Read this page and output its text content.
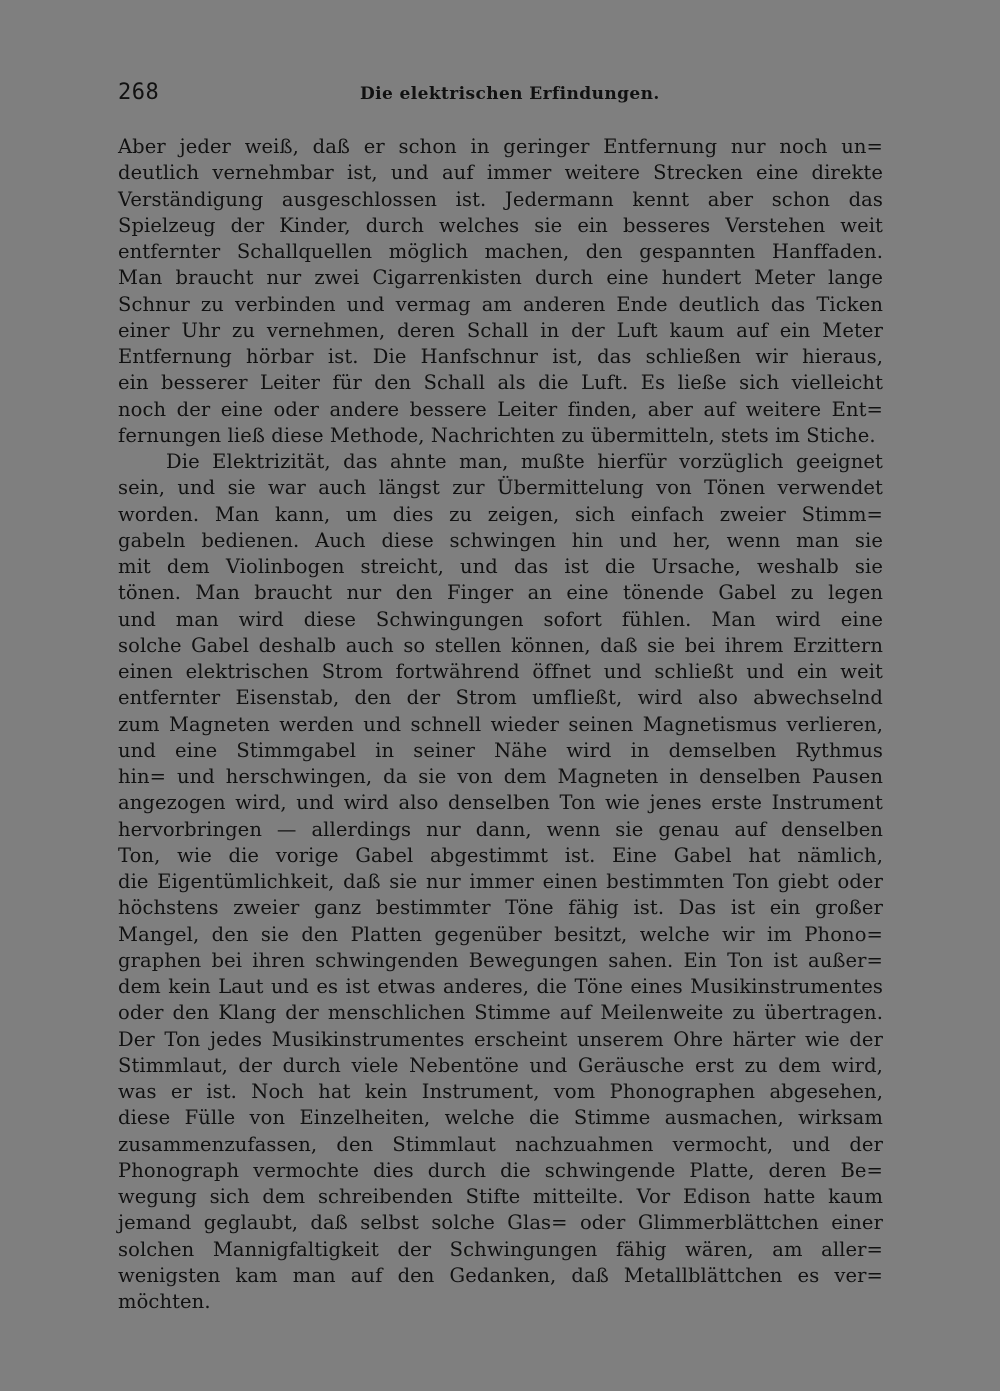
268	Die elektrischen Erfindungen.
Aber jeder weiß, daß er schon in geringer Entfernung nur noch un=
deutlich vernehmbar ist, und auf immer weitere Strecken eine direkte
Verständigung ausgeschlossen ist. Jedermann kennt aber schon das
Spielzeug der Kinder, durch welches sie ein besseres Verstehen weit
entfernter Schallquellen möglich machen, den gespannten Hanffaden.
Man braucht nur zwei Cigarrenkisten durch eine hundert Meter lange
Schnur zu verbinden und vermag am anderen Ende deutlich das Ticken
einer Uhr zu vernehmen, deren Schall in der Luft kaum auf ein Meter
Entfernung hörbar ist. Die Hanfschnur ist, das schließen wir hieraus,
ein besserer Leiter für den Schall als die Luft. Es ließe sich vielleicht
noch der eine oder andere bessere Leiter finden, aber auf weitere Ent=
fernungen ließ diese Methode, Nachrichten zu übermitteln, stets im Stiche.
Die Elektrizität, das ahnte man, mußte hierfür vorzüglich geeignet
sein, und sie war auch längst zur Übermittelung von Tönen verwendet
worden. Man kann, um dies zu zeigen, sich einfach zweier Stimm=
gabeln bedienen. Auch diese schwingen hin und her, wenn man sie
mit dem Violinbogen streicht, und das ist die Ursache, weshalb sie
tönen. Man braucht nur den Finger an eine tönende Gabel zu legen
und man wird diese Schwingungen sofort fühlen. Man wird eine
solche Gabel deshalb auch so stellen können, daß sie bei ihrem Erzittern
einen elektrischen Strom fortwährend öffnet und schließt und ein weit
entfernter Eisenstab, den der Strom umfließt, wird also abwechselnd
zum Magneten werden und schnell wieder seinen Magnetismus verlieren,
und eine Stimmgabel in seiner Nähe wird in demselben Rythmus
hin= und herschwingen, da sie von dem Magneten in denselben Pausen
angezogen wird, und wird also denselben Ton wie jenes erste Instrument
hervorbringen — allerdings nur dann, wenn sie genau auf denselben
Ton, wie die vorige Gabel abgestimmt ist. Eine Gabel hat nämlich,
die Eigentümlichkeit, daß sie nur immer einen bestimmten Ton giebt oder
höchstens zweier ganz bestimmter Töne fähig ist. Das ist ein großer
Mangel, den sie den Platten gegenüber besitzt, welche wir im Phono=
graphen bei ihren schwingenden Bewegungen sahen. Ein Ton ist außer=
dem kein Laut und es ist etwas anderes, die Töne eines Musikinstrumentes
oder den Klang der menschlichen Stimme auf Meilenweite zu übertragen.
Der Ton jedes Musikinstrumentes erscheint unserem Ohre härter wie der
Stimmlaut, der durch viele Nebentöne und Geräusche erst zu dem wird,
was er ist. Noch hat kein Instrument, vom Phonographen abgesehen,
diese Fülle von Einzelheiten, welche die Stimme ausmachen, wirksam
zusammenzufassen, den Stimmlaut nachzuahmen vermocht, und der
Phonograph vermochte dies durch die schwingende Platte, deren Be=
wegung sich dem schreibenden Stifte mitteilte. Vor Edison hatte kaum
jemand geglaubt, daß selbst solche Glas= oder Glimmerblättchen einer
solchen Mannigfaltigkeit der Schwingungen fähig wären, am aller=
wenigsten kam man auf den Gedanken, daß Metallblättchen es ver=
möchten.
